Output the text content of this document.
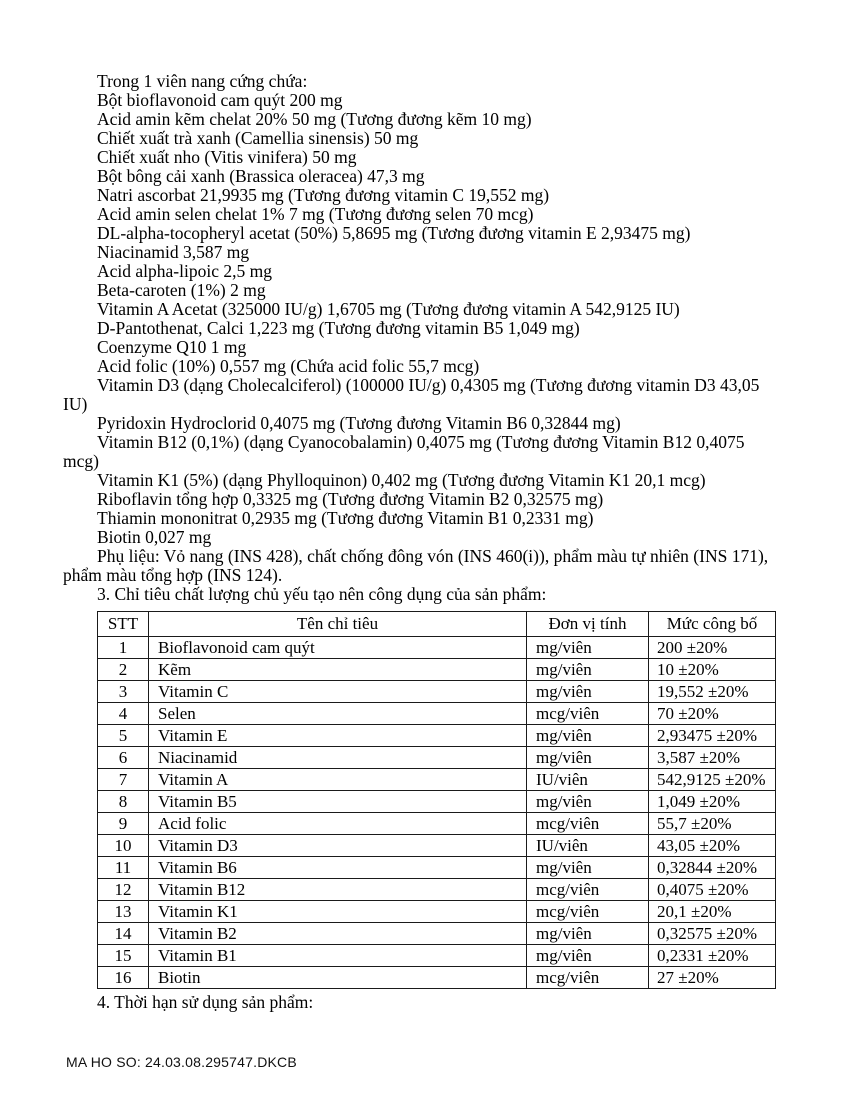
Trong 1 viên nang cứng chứa:

Bột bioflavonoid cam quýt 200 mg

Acid amin kẽm chelat 20% 50 mg (Tương đương kẽm 10 mg)

Chiết xuất trà xanh (Camellia sinensis) 50 mg

Chiết xuất nho (Vitis vinifera) 50 mg

Bột bông cải xanh (Brassica oleracea) 47,3 mg

Natri ascorbat 21,9935 mg (Tương đương vitamin C 19,552 mg)

Acid amin selen chelat 1% 7 mg (Tương đương selen 70 mcg)

DL-alpha-tocopheryl acetat (50%) 5,8695 mg (Tương đương vitamin E 2,93475 mg)

Niacinamid 3,587 mg

Acid alpha-lipoic 2,5 mg

Beta-caroten (1%) 2 mg

Vitamin A Acetat (325000 IU/g) 1,6705 mg (Tương đương vitamin A 542,9125 IU)

D-Pantothenat, Calci 1,223 mg (Tương đương vitamin B5 1,049 mg)

Coenzyme Q10 1 mg

Acid folic (10%) 0,557 mg (Chứa acid folic 55,7 mcg)

Vitamin D3 (dạng Cholecalciferol) (100000 IU/g) 0,4305 mg (Tương đương vitamin D3 43,05 IU)

Pyridoxin Hydroclorid 0,4075 mg (Tương đương Vitamin B6 0,32844 mg)

Vitamin B12 (0,1%) (dạng Cyanocobalamin) 0,4075 mg (Tương đương Vitamin B12 0,4075 mcg)

Vitamin K1 (5%) (dạng Phylloquinon) 0,402 mg (Tương đương Vitamin K1 20,1 mcg)

Riboflavin tổng hợp 0,3325 mg (Tương đương Vitamin B2 0,32575 mg)

Thiamin mononitrat 0,2935 mg (Tương đương Vitamin B1 0,2331 mg)

Biotin 0,027 mg

Phụ liệu: Vỏ nang (INS 428), chất chống đông vón (INS 460(i)), phẩm màu tự nhiên (INS 171), phẩm màu tổng hợp (INS 124).

3. Chỉ tiêu chất lượng chủ yếu tạo nên công dụng của sản phẩm:

STT	Tên chỉ tiêu	Đơn vị tính	Mức công bố
1	Bioflavonoid cam quýt	mg/viên	200 ±20%
2	Kẽm	mg/viên	10 ±20%
3	Vitamin C	mg/viên	19,552 ±20%
4	Selen	mcg/viên	70 ±20%
5	Vitamin E	mg/viên	2,93475 ±20%
6	Niacinamid	mg/viên	3,587 ±20%
7	Vitamin A	IU/viên	542,9125 ±20%
8	Vitamin B5	mg/viên	1,049 ±20%
9	Acid folic	mcg/viên	55,7 ±20%
10	Vitamin D3	IU/viên	43,05 ±20%
11	Vitamin B6	mg/viên	0,32844 ±20%
12	Vitamin B12	mcg/viên	0,4075 ±20%
13	Vitamin K1	mcg/viên	20,1 ±20%
14	Vitamin B2	mg/viên	0,32575 ±20%
15	Vitamin B1	mg/viên	0,2331 ±20%
16	Biotin	mcg/viên	27 ±20%

4. Thời hạn sử dụng sản phẩm:

MA HO SO: 24.03.08.295747.DKCB
